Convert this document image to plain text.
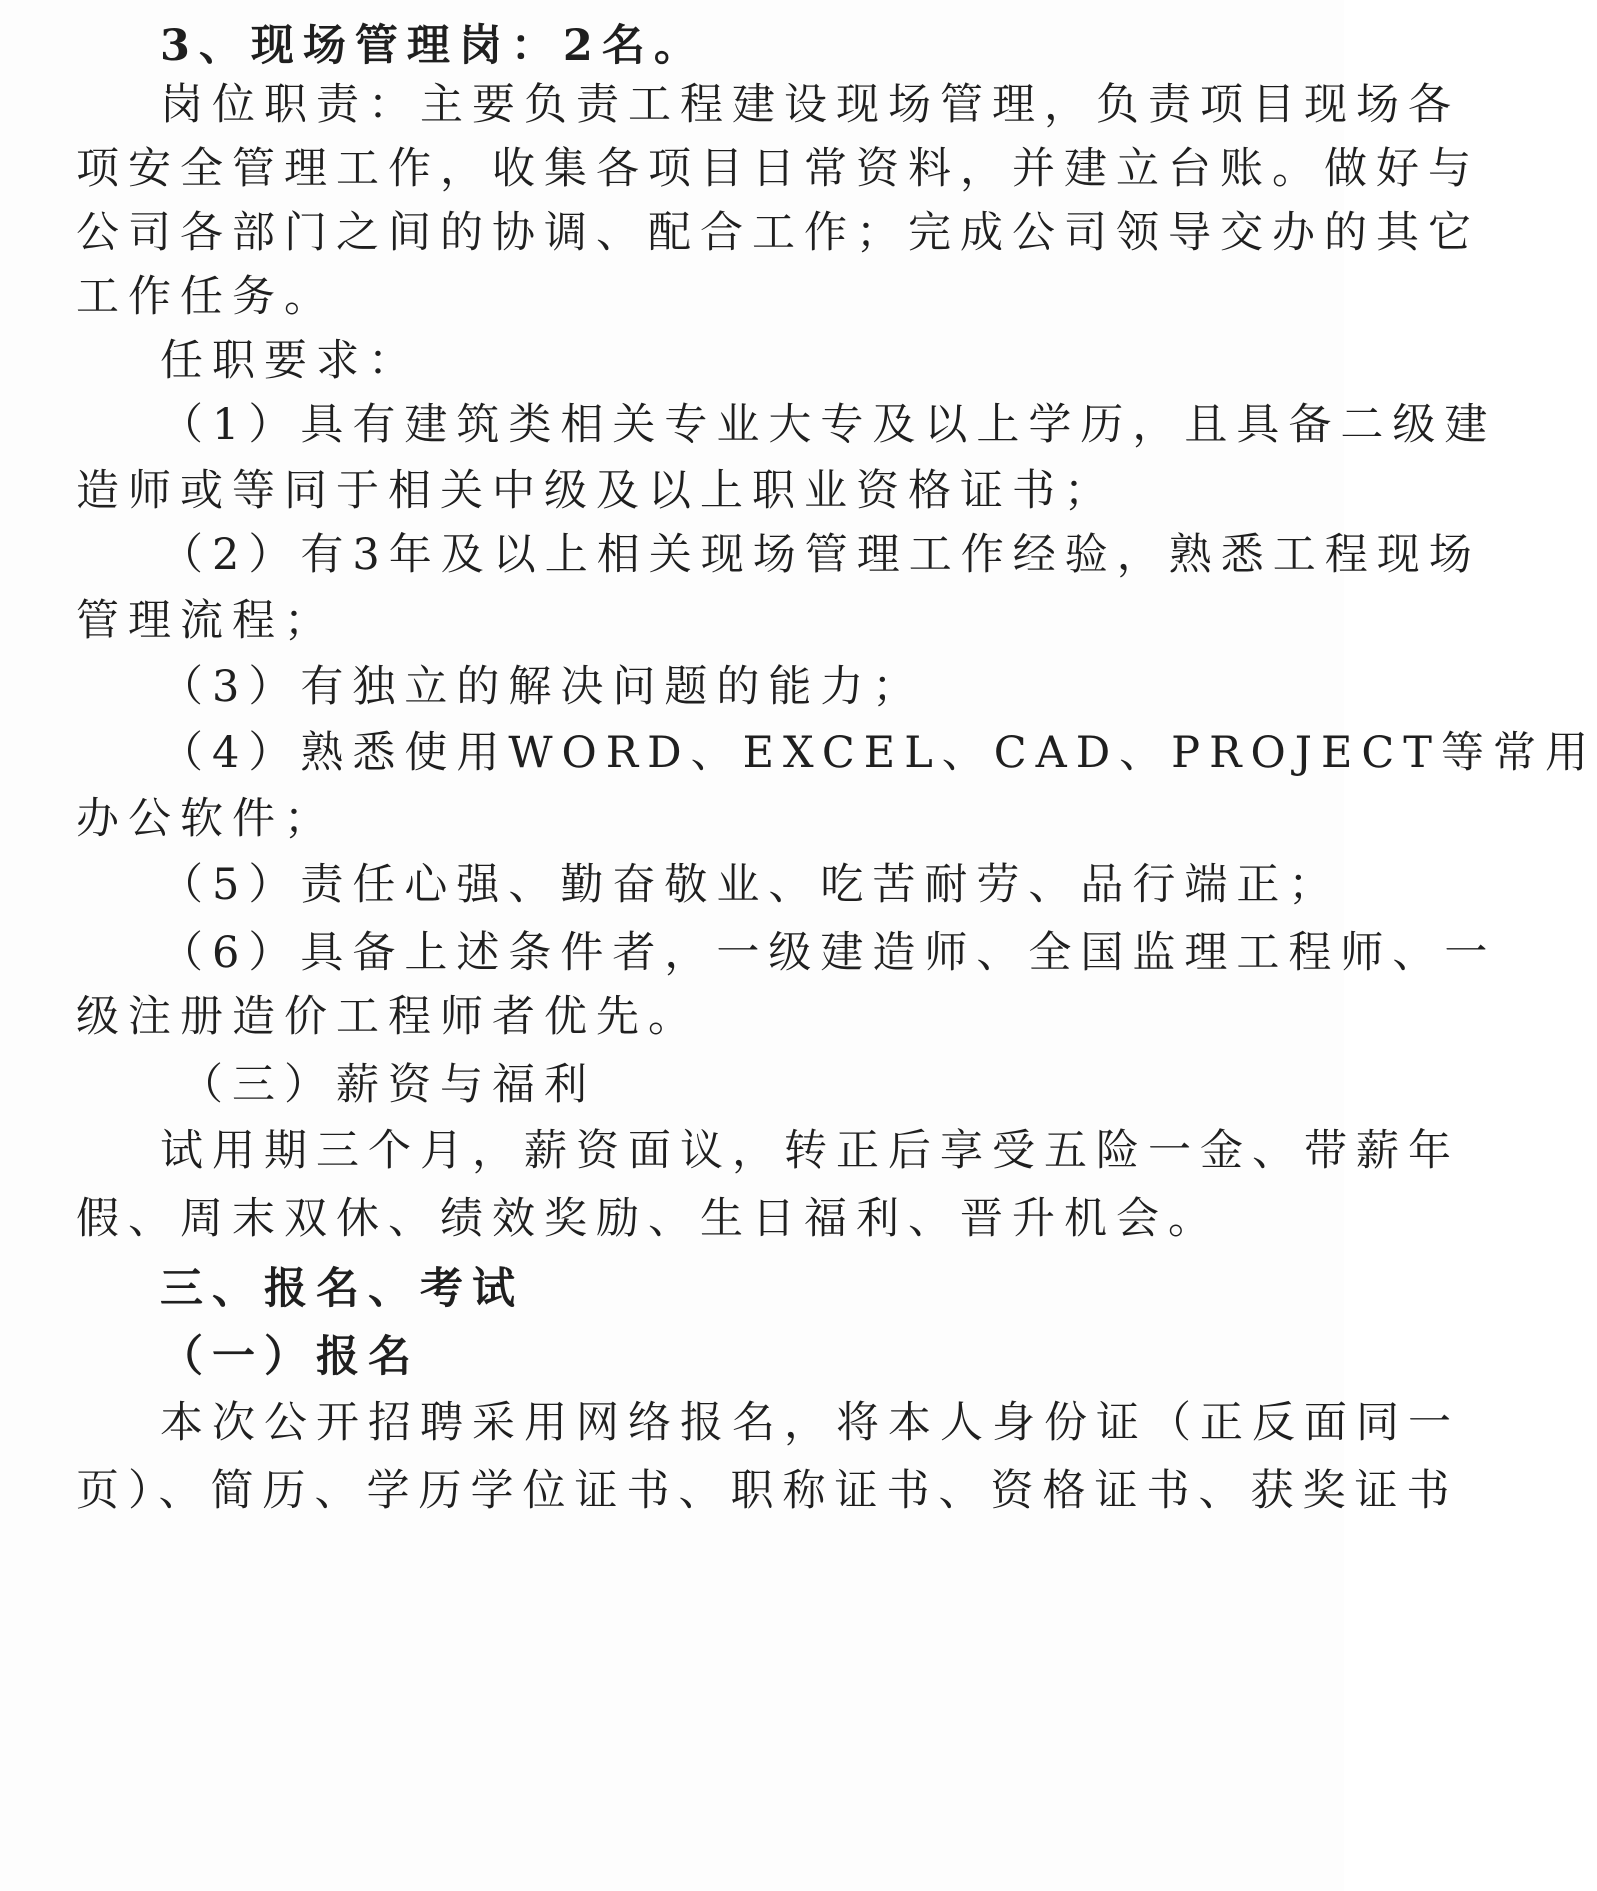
3、现场管理岗：2名。
岗位职责：主要负责工程建设现场管理，负责项目现场各
项安全管理工作，收集各项目日常资料，并建立台账。做好与
公司各部门之间的协调、配合工作；完成公司领导交办的其它
工作任务。
任职要求：
（1）具有建筑类相关专业大专及以上学历，且具备二级建
造师或等同于相关中级及以上职业资格证书；
（2）有3年及以上相关现场管理工作经验，熟悉工程现场
管理流程；
（3）有独立的解决问题的能力；
（4）熟悉使用WORD、EXCEL、CAD、PROJECT等常用
办公软件；
（5）责任心强、勤奋敬业、吃苦耐劳、品行端正；
（6）具备上述条件者，一级建造师、全国监理工程师、一
级注册造价工程师者优先。
（三）薪资与福利
试用期三个月，薪资面议，转正后享受五险一金、带薪年
假、周末双休、绩效奖励、生日福利、晋升机会。
三、报名、考试
（一）报名
本次公开招聘采用网络报名，将本人身份证（正反面同一
页）、简历、学历学位证书、职称证书、资格证书、获奖证书
